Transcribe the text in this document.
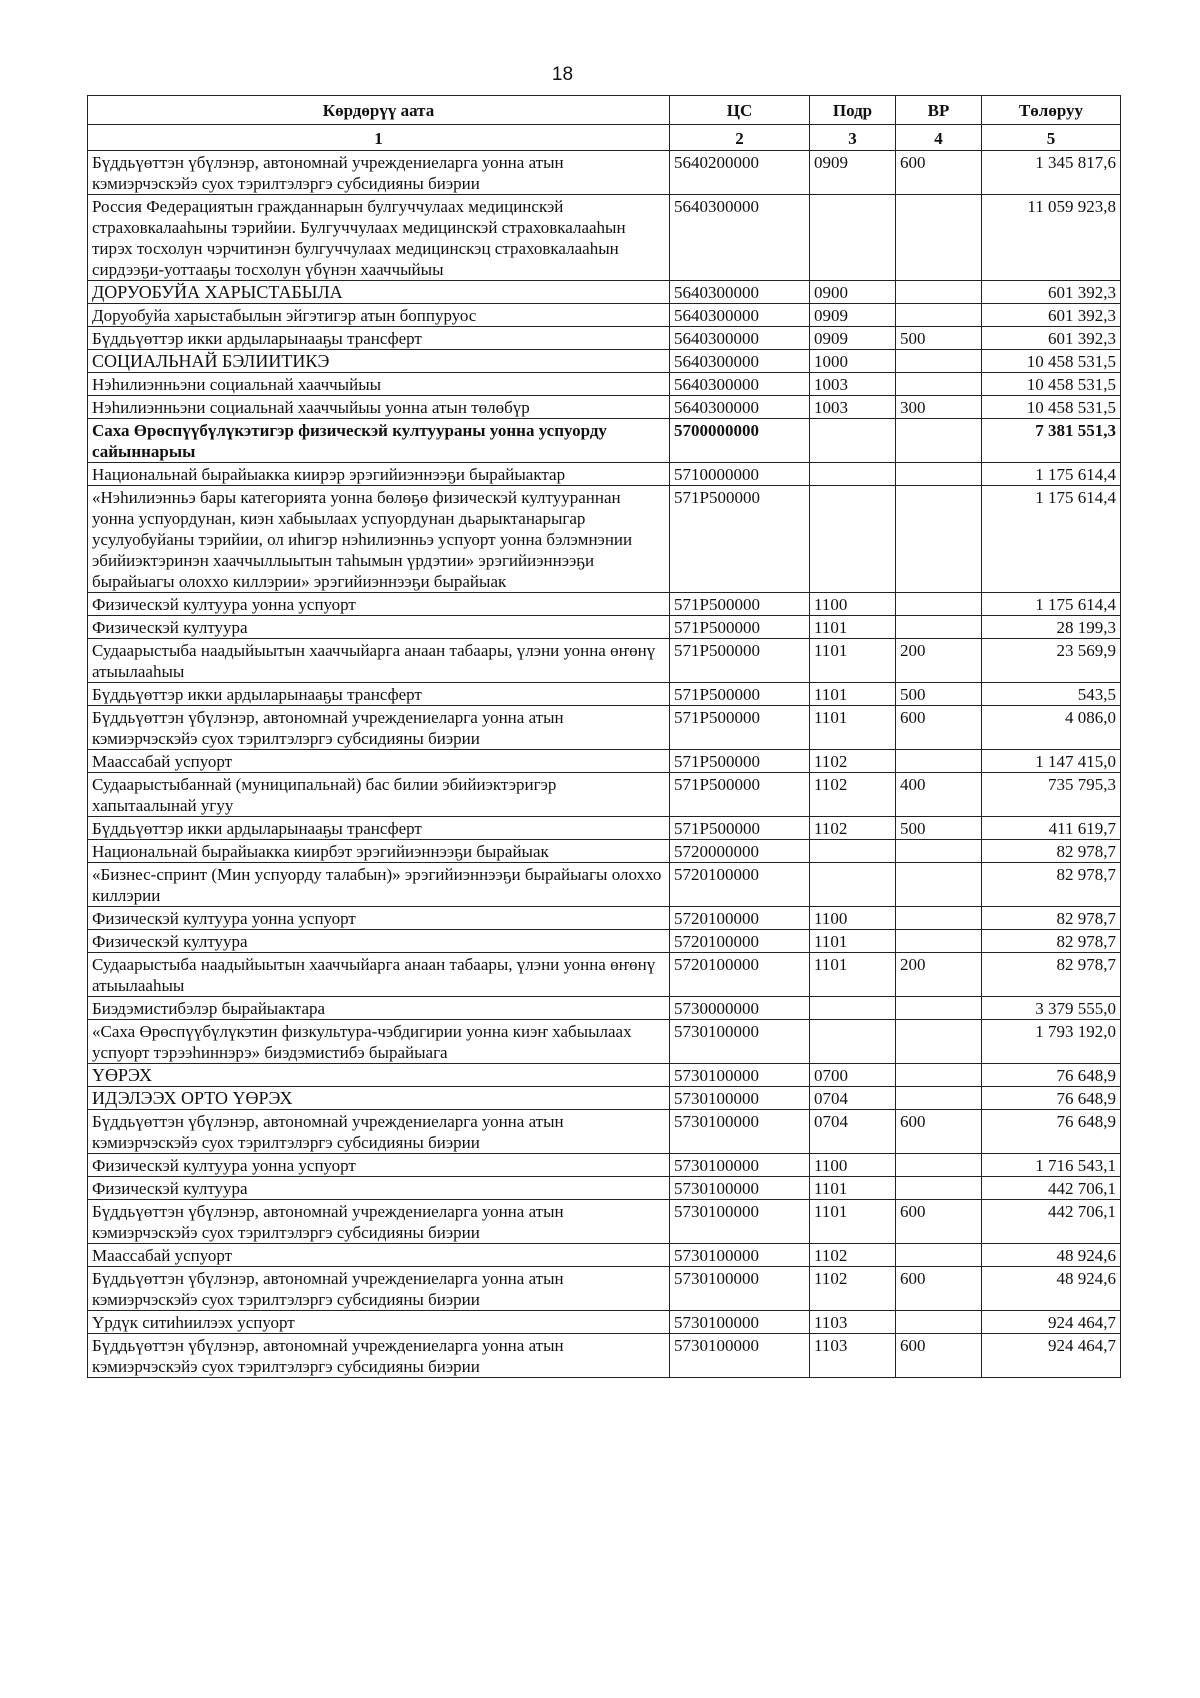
18
Көрдөрүү аата	ЦС	Подр	ВР	Төлөруу
1	2	3	4	5
Бүддьүөттэн үбүлэнэр, автономнай учреждениеларга уонна атын кэмиэрчэскэйэ суох тэрилтэлэргэ субсидияны биэрии	5640200000	0909	600	1 345 817,6
Россия Федерациятын гражданнарын булгуччулаах медицинскэй страховкалааһыны тэрийии. Булгуччулаах медицинскэй страховкалааһын тирэх тосхолун чэрчитинэн булгуччулаах медицинскэц страховкалааһын сирдээҕи-уоттааҕы тосхолун үбүнэн хааччыйыы	5640300000			11 059 923,8
ДОРУОБУЙА ХАРЫСТАБЫЛА	5640300000	0900		601 392,3
Доруобуйа харыстабылын эйгэтигэр атын боппуруос	5640300000	0909		601 392,3
Бүддьүөттэр икки ардыларынааҕы трансферт	5640300000	0909	500	601 392,3
СОЦИАЛЬНАЙ БЭЛИИТИКЭ	5640300000	1000		10 458 531,5
Нэһилиэнньэни социальнай хааччыйыы	5640300000	1003		10 458 531,5
Нэһилиэнньэни социальнай хааччыйыы уонна атын төлөбүр	5640300000	1003	300	10 458 531,5
Саха Өрөспүүбүлүкэтигэр физическэй култуураны уонна успуорду сайыннарыы	5700000000			7 381 551,3
Национальнай бырайыакка киирэр эрэгийиэннээҕи бырайыактар	5710000000			1 175 614,4
«Нэһилиэнньэ бары категорията уонна бөлөҕө физическэй култуураннан уонна успуордунан, киэн хабыылаах успуордунан дьарыктанарыгар усулуобуйаны тэрийии, ол иһигэр нэһилиэнньэ успуорт уонна бэлэмнэнии эбийиэктэринэн хааччыллыытын таһымын үрдэтии» эрэгийиэннээҕи бырайыагы олоххо киллэрии» эрэгийиэннээҕи бырайыак	571P500000			1 175 614,4
Физическэй култуура уонна успуорт	571P500000	1100		1 175 614,4
Физическэй култуура	571P500000	1101		28 199,3
Судаарыстыба наадыйыытын хааччыйарга анаан табаары, үлэни уонна өҥөнү атыылааһыы	571P500000	1101	200	23 569,9
Бүддьүөттэр икки ардыларынааҕы трансферт	571P500000	1101	500	543,5
Бүддьүөттэн үбүлэнэр, автономнай учреждениеларга уонна атын кэмиэрчэскэйэ суох тэрилтэлэргэ субсидияны биэрии	571P500000	1101	600	4 086,0
Маассабай успуорт	571P500000	1102		1 147 415,0
Судаарыстыбаннай (муниципальнай) бас билии эбийиэктэригэр хапытаалынай угуу	571P500000	1102	400	735 795,3
Бүддьүөттэр икки ардыларынааҕы трансферт	571P500000	1102	500	411 619,7
Национальнай бырайыакка киирбэт эрэгийиэннээҕи бырайыак	5720000000			82 978,7
«Бизнес-спринт (Мин успуорду талабын)» эрэгийиэннээҕи бырайыагы олоххо киллэрии	5720100000			82 978,7
Физическэй култуура уонна успуорт	5720100000	1100		82 978,7
Физическэй култуура	5720100000	1101		82 978,7
Судаарыстыба наадыйыытын хааччыйарга анаан табаары, үлэни уонна өҥөнү атыылааһыы	5720100000	1101	200	82 978,7
Биэдэмистибэлэр бырайыактара	5730000000			3 379 555,0
«Саха Өрөспүүбүлүкэтин физкультура-чэбдигирии уонна киэҥ хабыылаах успуорт тэрээһиннэрэ» биэдэмистибэ бырайыага	5730100000			1 793 192,0
ҮӨРЭХ	5730100000	0700		76 648,9
ИДЭЛЭЭХ ОРТО ҮӨРЭХ	5730100000	0704		76 648,9
Бүддьүөттэн үбүлэнэр, автономнай учреждениеларга уонна атын кэмиэрчэскэйэ суох тэрилтэлэргэ субсидияны биэрии	5730100000	0704	600	76 648,9
Физическэй култуура уонна успуорт	5730100000	1100		1 716 543,1
Физическэй култуура	5730100000	1101		442 706,1
Бүддьүөттэн үбүлэнэр, автономнай учреждениеларга уонна атын кэмиэрчэскэйэ суох тэрилтэлэргэ субсидияны биэрии	5730100000	1101	600	442 706,1
Маассабай успуорт	5730100000	1102		48 924,6
Бүддьүөттэн үбүлэнэр, автономнай учреждениеларга уонна атын кэмиэрчэскэйэ суох тэрилтэлэргэ субсидияны биэрии	5730100000	1102	600	48 924,6
Үрдүк ситиһиилээх успуорт	5730100000	1103		924 464,7
Бүддьүөттэн үбүлэнэр, автономнай учреждениеларга уонна атын кэмиэрчэскэйэ суох тэрилтэлэргэ субсидияны биэрии	5730100000	1103	600	924 464,7
